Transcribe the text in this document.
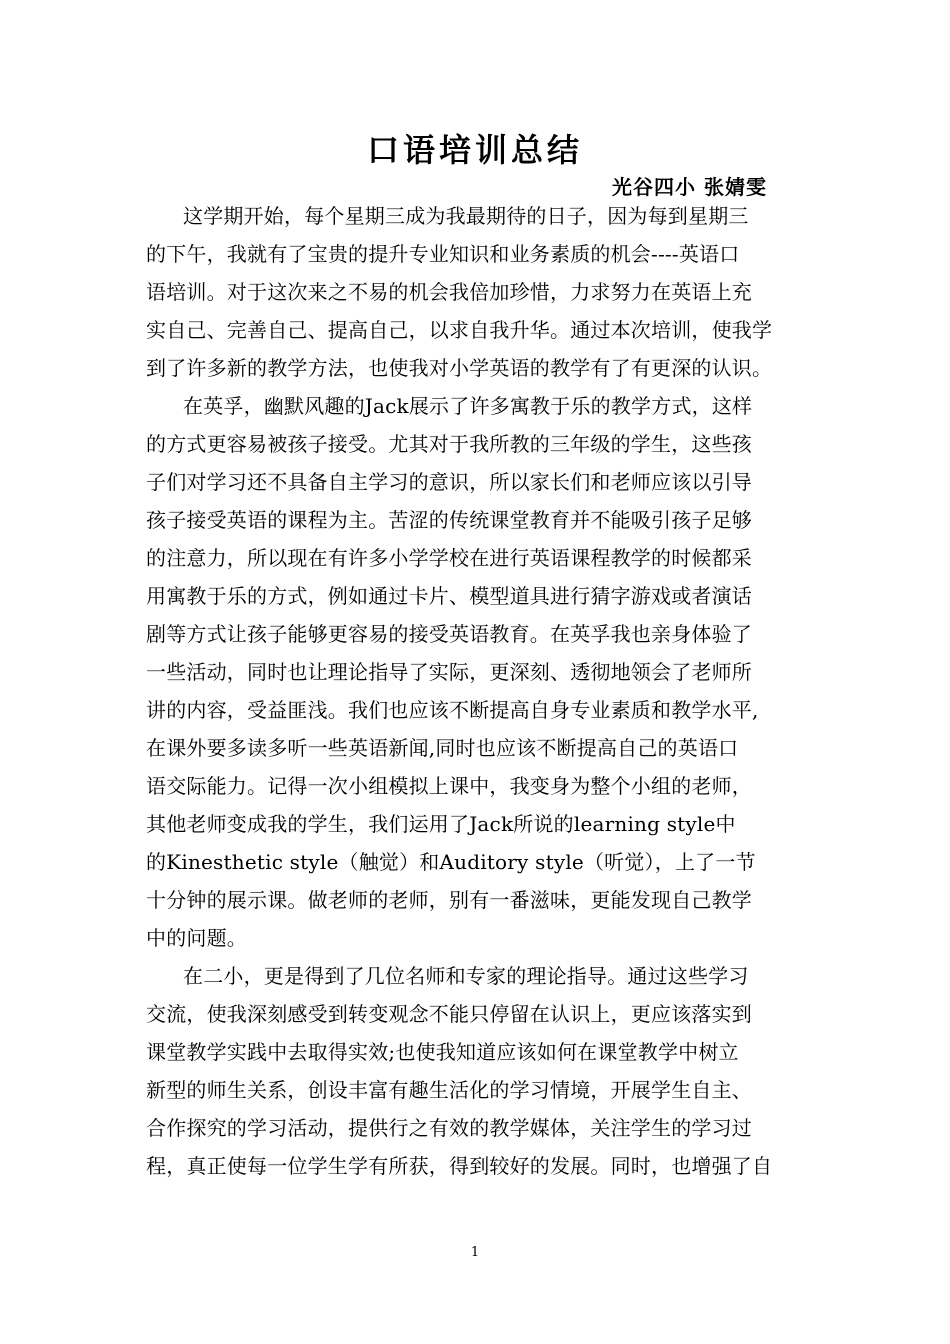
口语培训总结
光谷四小 张婧雯
这学期开始，每个星期三成为我最期待的日子，因为每到星期三
的下午，我就有了宝贵的提升专业知识和业务素质的机会----英语口
语培训。对于这次来之不易的机会我倍加珍惜，力求努力在英语上充
实自己、完善自己、提高自己，以求自我升华。通过本次培训，使我学
到了许多新的教学方法，也使我对小学英语的教学有了有更深的认识。
在英孚，幽默风趣的Jack展示了许多寓教于乐的教学方式，这样
的方式更容易被孩子接受。尤其对于我所教的三年级的学生，这些孩
子们对学习还不具备自主学习的意识，所以家长们和老师应该以引导
孩子接受英语的课程为主。苦涩的传统课堂教育并不能吸引孩子足够
的注意力，所以现在有许多小学学校在进行英语课程教学的时候都采
用寓教于乐的方式，例如通过卡片、模型道具进行猜字游戏或者演话
剧等方式让孩子能够更容易的接受英语教育。在英孚我也亲身体验了
一些活动，同时也让理论指导了实际，更深刻、透彻地领会了老师所
讲的内容，受益匪浅。我们也应该不断提高自身专业素质和教学水平,
在课外要多读多听一些英语新闻,同时也应该不断提高自己的英语口
语交际能力。记得一次小组模拟上课中，我变身为整个小组的老师，
其他老师变成我的学生，我们运用了Jack所说的learning style中
的Kinesthetic style（触觉）和Auditory style（听觉），上了一节
十分钟的展示课。做老师的老师，别有一番滋味，更能发现自己教学
中的问题。
在二小，更是得到了几位名师和专家的理论指导。通过这些学习
交流，使我深刻感受到转变观念不能只停留在认识上，更应该落实到
课堂教学实践中去取得实效;也使我知道应该如何在课堂教学中树立
新型的师生关系，创设丰富有趣生活化的学习情境，开展学生自主、
合作探究的学习活动，提供行之有效的教学媒体，关注学生的学习过
程，真正使每一位学生学有所获，得到较好的发展。同时，也增强了自
1
